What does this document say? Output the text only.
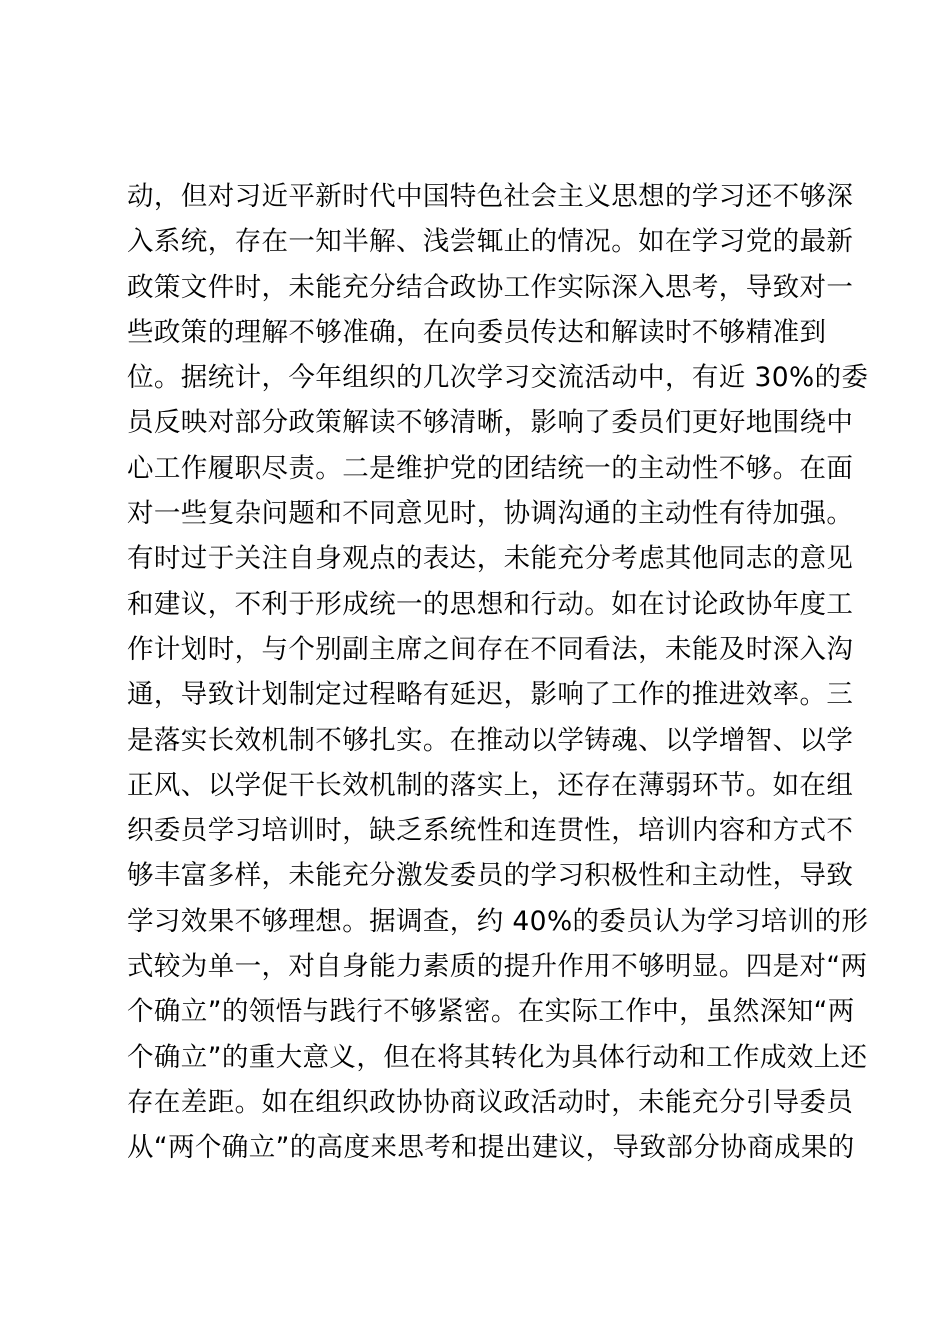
动，但对习近平新时代中国特色社会主义思想的学习还不够深
入系统，存在一知半解、浅尝辄止的情况。如在学习党的最新
政策文件时，未能充分结合政协工作实际深入思考，导致对一
些政策的理解不够准确，在向委员传达和解读时不够精准到
位。据统计，今年组织的几次学习交流活动中，有近 30%的委
员反映对部分政策解读不够清晰，影响了委员们更好地围绕中
心工作履职尽责。二是维护党的团结统一的主动性不够。在面
对一些复杂问题和不同意见时，协调沟通的主动性有待加强。
有时过于关注自身观点的表达，未能充分考虑其他同志的意见
和建议，不利于形成统一的思想和行动。如在讨论政协年度工
作计划时，与个别副主席之间存在不同看法，未能及时深入沟
通，导致计划制定过程略有延迟，影响了工作的推进效率。三
是落实长效机制不够扎实。在推动以学铸魂、以学增智、以学
正风、以学促干长效机制的落实上，还存在薄弱环节。如在组
织委员学习培训时，缺乏系统性和连贯性，培训内容和方式不
够丰富多样，未能充分激发委员的学习积极性和主动性，导致
学习效果不够理想。据调查，约 40%的委员认为学习培训的形
式较为单一，对自身能力素质的提升作用不够明显。四是对“两
个确立”的领悟与践行不够紧密。在实际工作中，虽然深知“两
个确立”的重大意义，但在将其转化为具体行动和工作成效上还
存在差距。如在组织政协协商议政活动时，未能充分引导委员
从“两个确立”的高度来思考和提出建议，导致部分协商成果的
